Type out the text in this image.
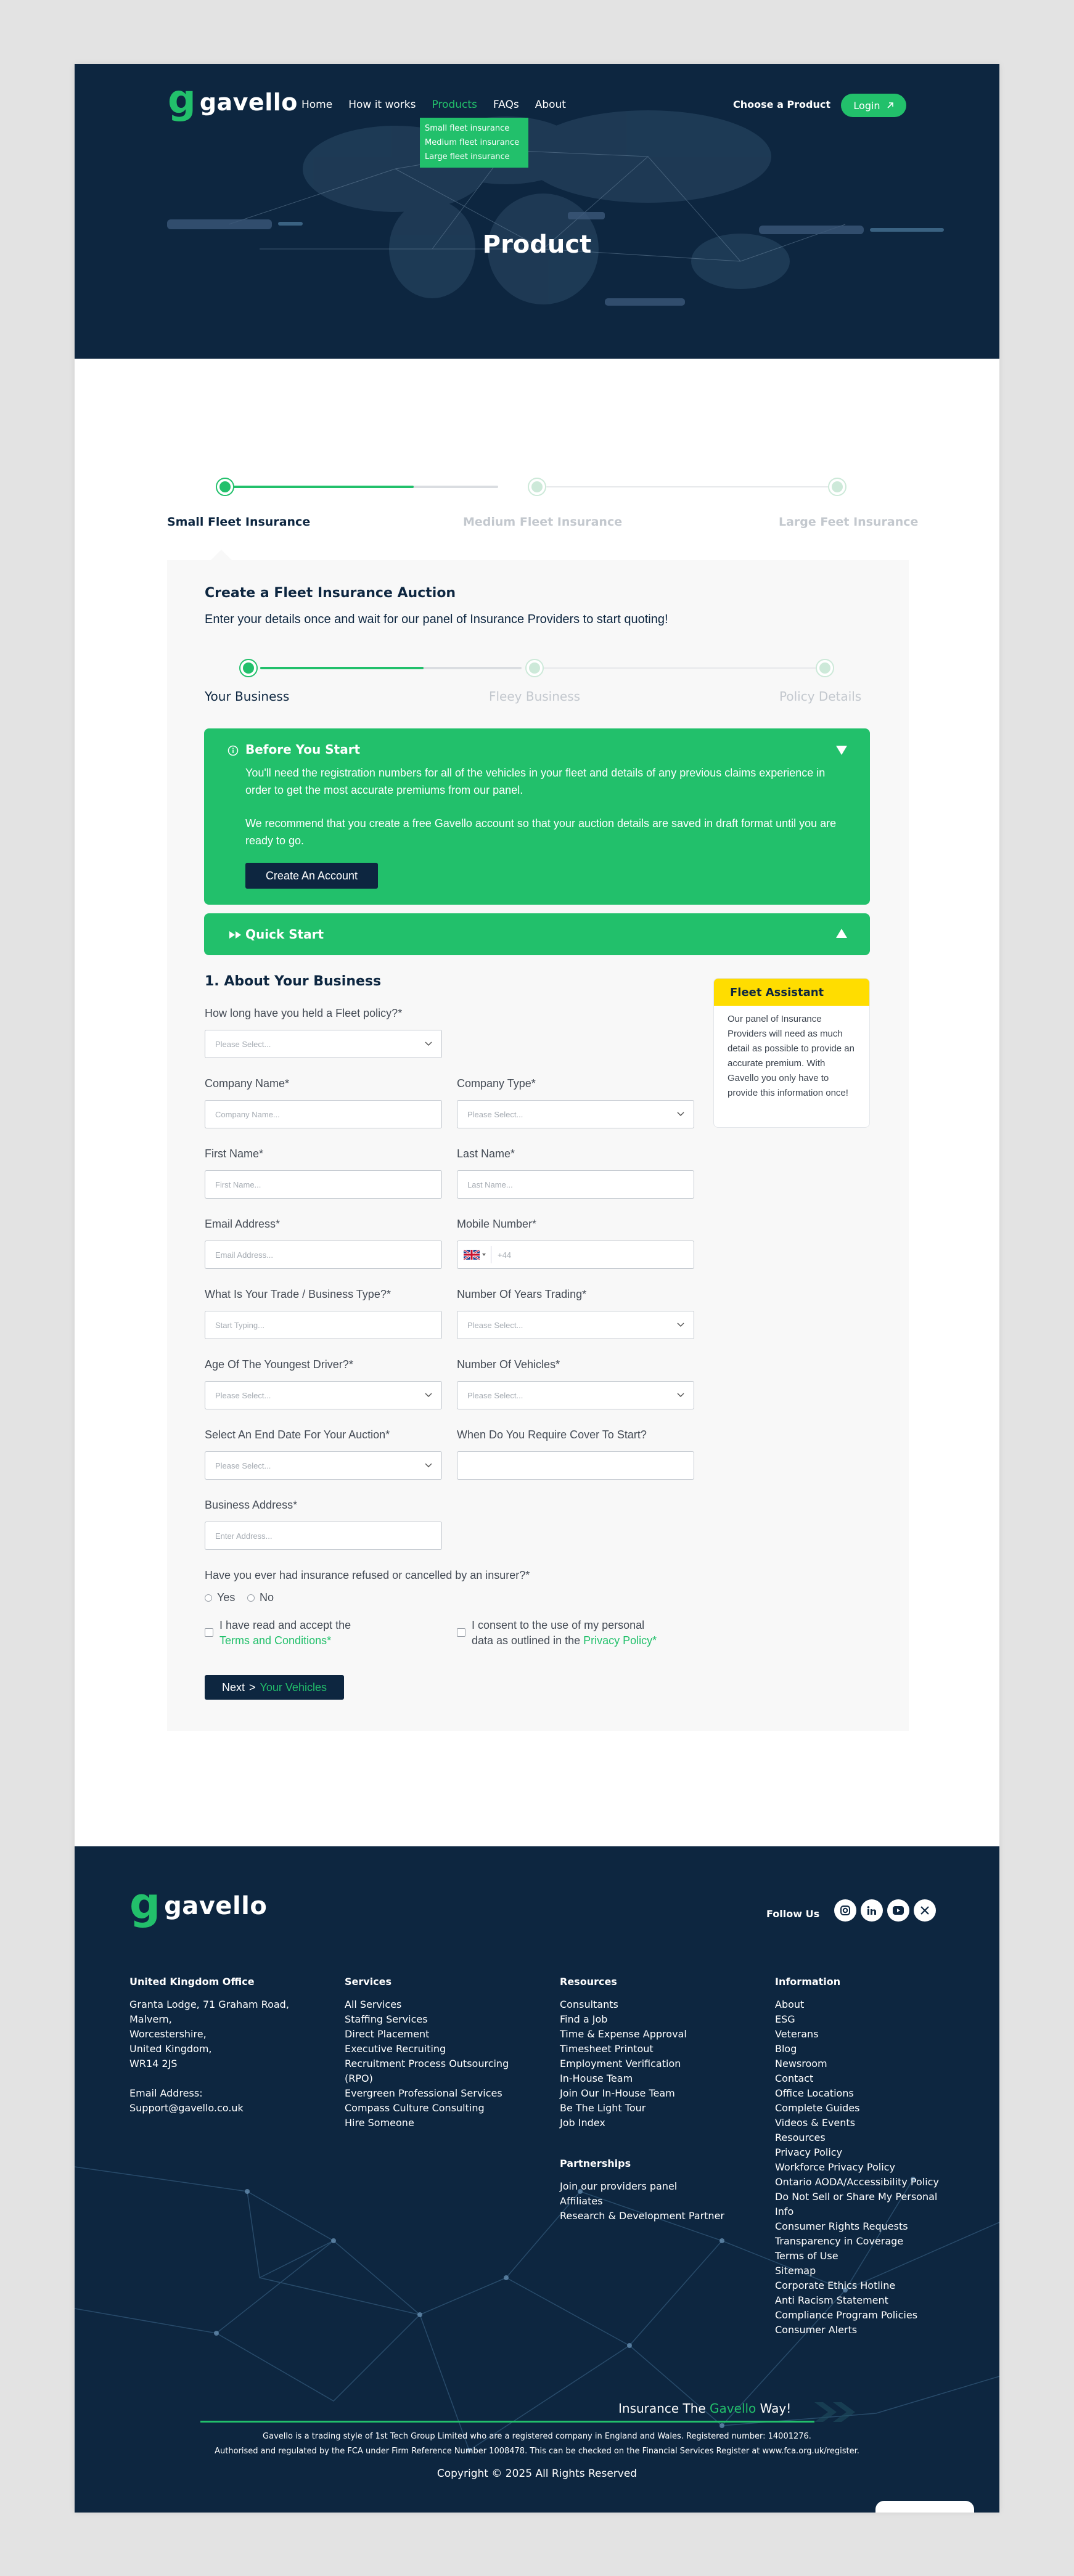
g gavello Home How it works Products FAQs About
Small fleet insurance
Medium fleet insurance
Large fleet insurance
Choose a Product Login
Product
Small Fleet Insurance	Medium Fleet Insurance	Large Feet Insurance
Create a Fleet Insurance Auction
Enter your details once and wait for our panel of Insurance Providers to start quoting!
Your Business	Fleey Business	Policy Details
Before You Start
You'll need the registration numbers for all of the vehicles in your fleet and details of any previous claims experience in order to get the most accurate premiums from our panel.
We recommend that you create a free Gavello account so that your auction details are saved in draft format until you are ready to go.
Create An Account
Quick Start
1. About Your Business
How long have you held a Fleet policy?*
Please Select...
Company Name*
Company Name...
Company Type*
Please Select...
First Name*
First Name...
Last Name*
Last Name...
Email Address*
Email Address...
Mobile Number*
+44
What Is Your Trade / Business Type?*
Start Typing...
Number Of Years Trading*
Please Select...
Age Of The Youngest Driver?*
Please Select...
Number Of Vehicles*
Please Select...
Select An End Date For Your Auction*
Please Select...
When Do You Require Cover To Start?
Business Address*
Enter Address...
Have you ever had insurance refused or cancelled by an insurer?*
Yes	No
I have read and accept the
Terms and Conditions*
I consent to the use of my personal
data as outlined in the Privacy Policy*
Next > Your Vehicles
Fleet Assistant
Our panel of Insurance Providers will need as much detail as possible to provide an accurate premium. With Gavello you only have to provide this information once!
g gavello	Follow Us
United Kingdom Office
Granta Lodge, 71 Graham Road,
Malvern,
Worcestershire,
United Kingdom,
WR14 2JS
Email Address:
Support@gavello.co.uk
Services
All Services
Staffing Services
Direct Placement
Executive Recruiting
Recruitment Process Outsourcing
(RPO)
Evergreen Professional Services
Compass Culture Consulting
Hire Someone
Resources
Consultants
Find a Job
Time & Expense Approval
Timesheet Printout
Employment Verification
In-House Team
Join Our In-House Team
Be The Light Tour
Job Index
Partnerships
Join our providers panel
Affiliates
Research & Development Partner
Information
About
ESG
Veterans
Blog
Newsroom
Contact
Office Locations
Complete Guides
Videos & Events
Resources
Privacy Policy
Workforce Privacy Policy
Ontario AODA/Accessibility Policy
Do Not Sell or Share My Personal
Info
Consumer Rights Requests
Transparency in Coverage
Terms of Use
Sitemap
Corporate Ethics Hotline
Anti Racism Statement
Compliance Program Policies
Consumer Alerts
Insurance The Gavello Way!
Gavello is a trading style of 1st Tech Group Limited who are a registered company in England and Wales. Registered number: 14001276.
Authorised and regulated by the FCA under Firm Reference Number 1008478. This can be checked on the Financial Services Register at www.fca.org.uk/register.
Copyright © 2025 All Rights Reserved
